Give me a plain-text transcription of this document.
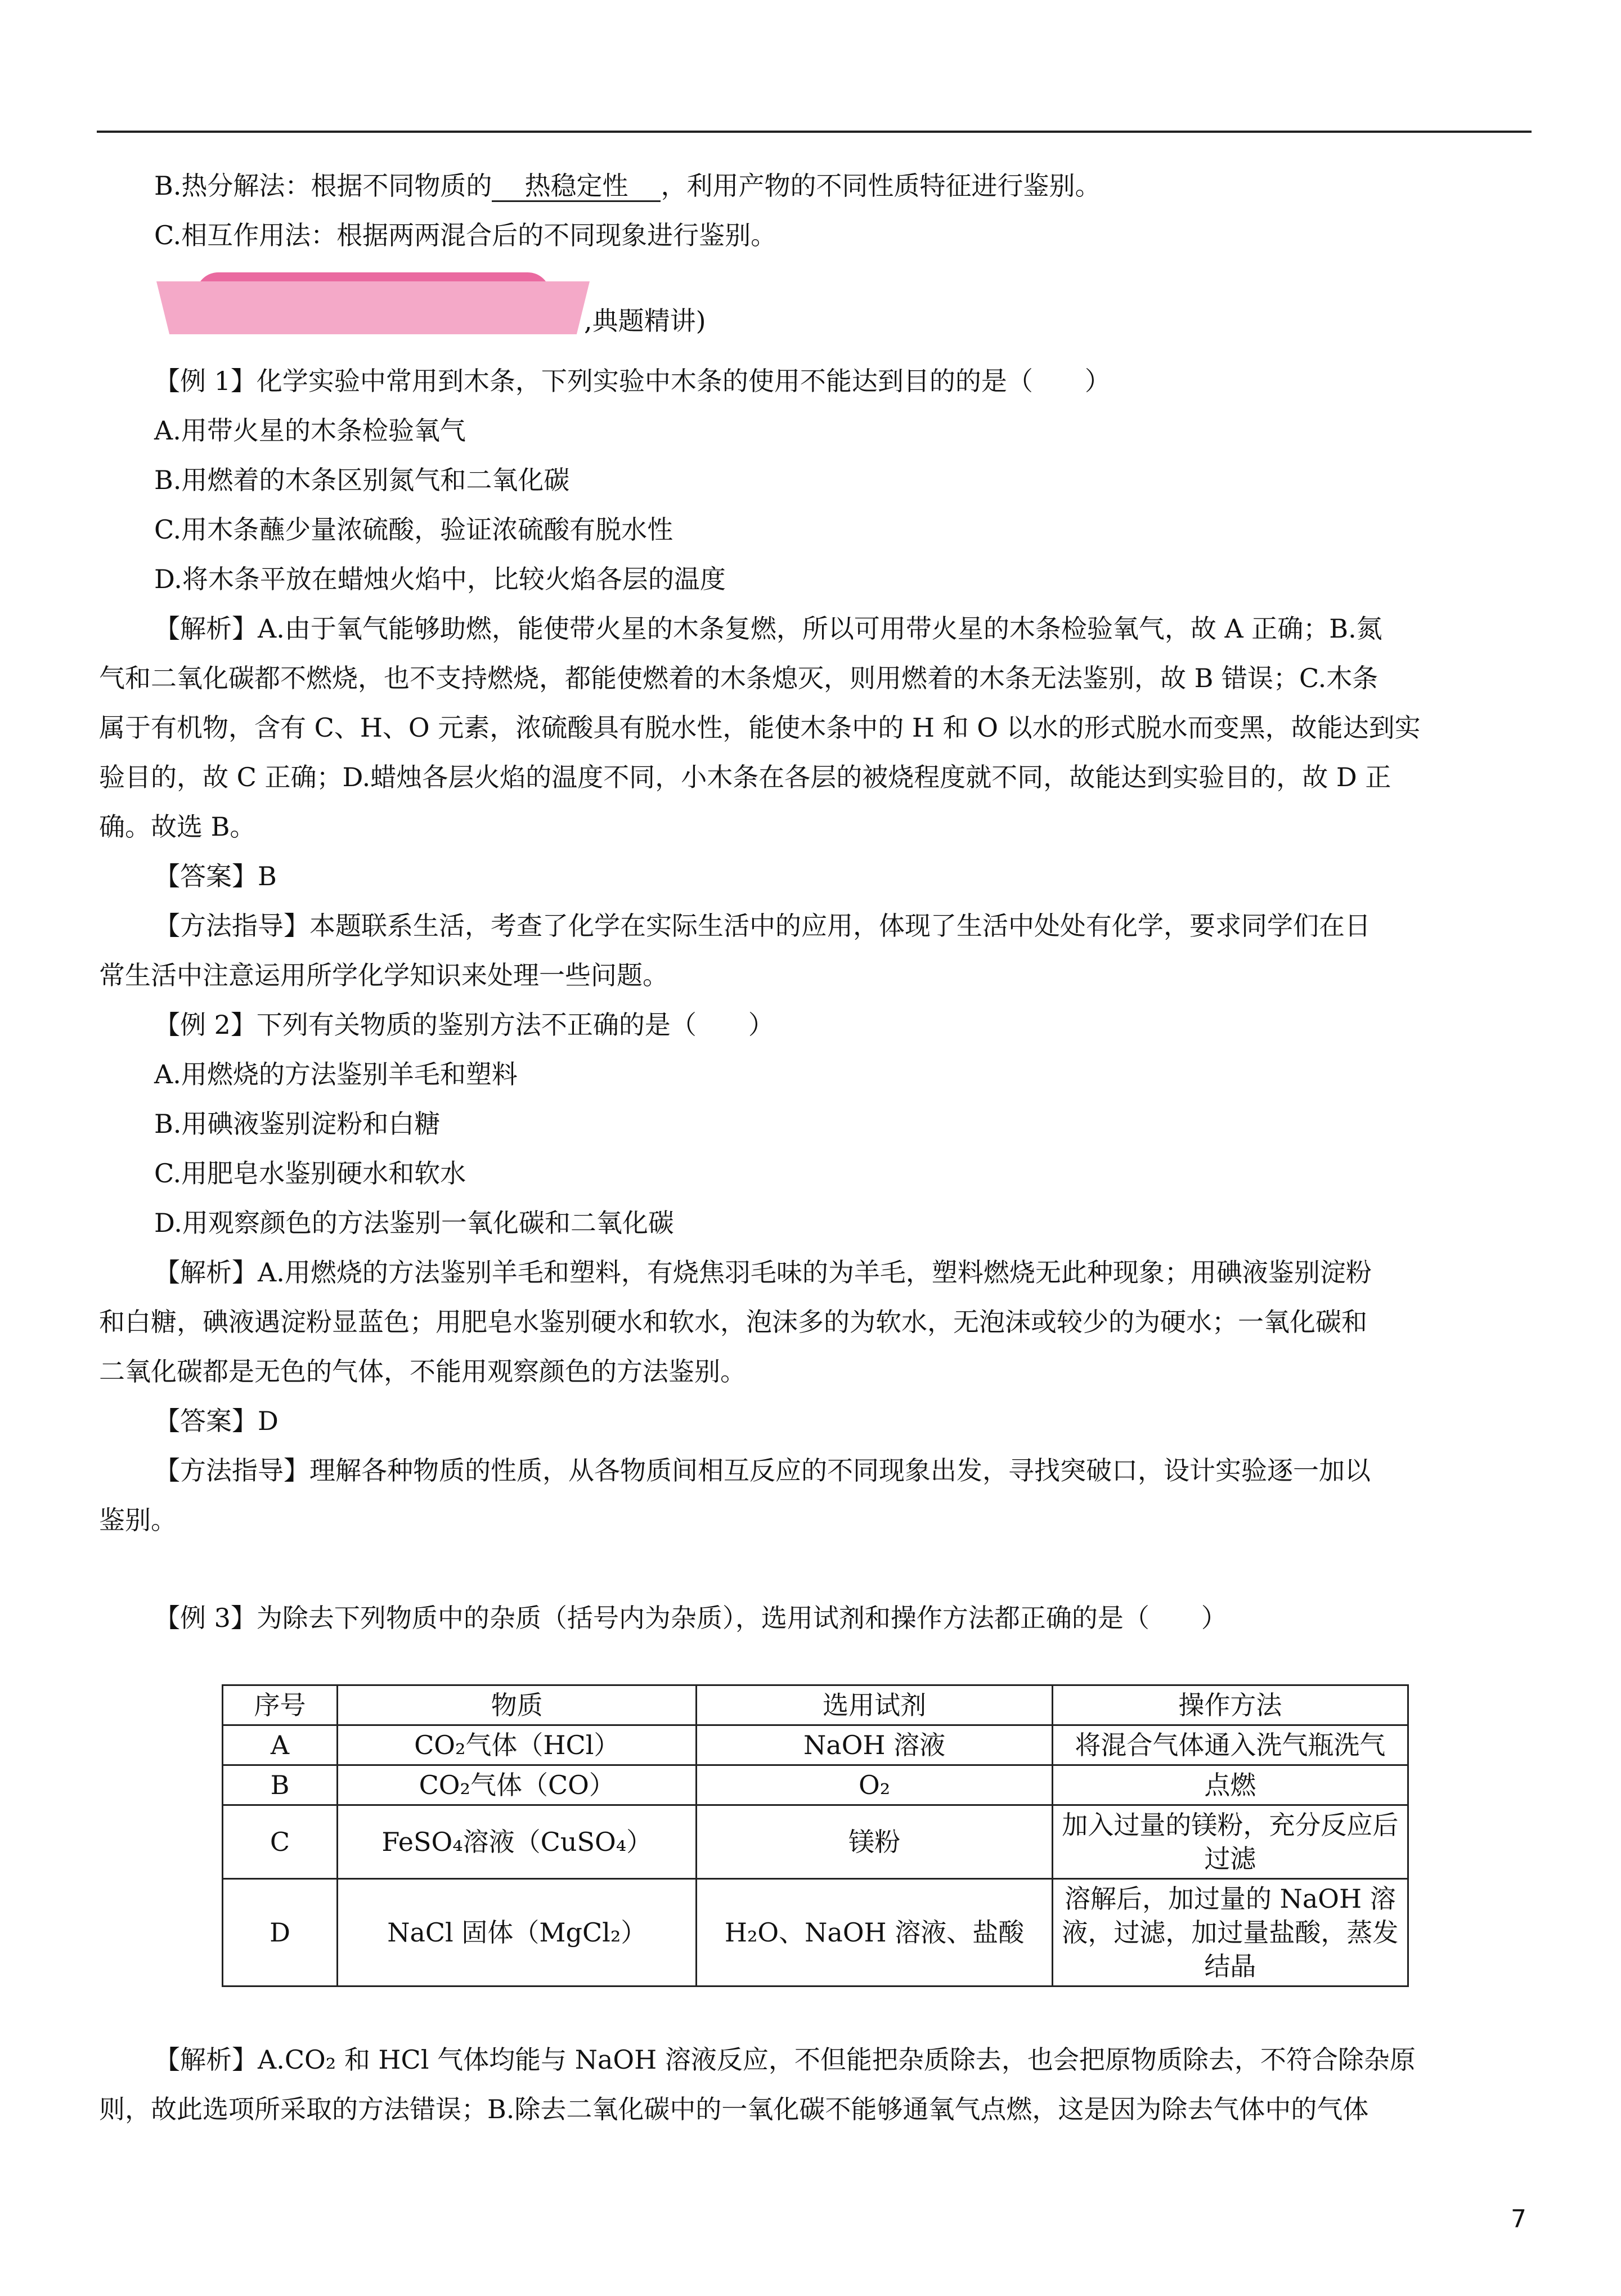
B.热分解法：根据不同物质的 热稳定性 ，利用产物的不同性质特征进行鉴别。
C.相互作用法：根据两两混合后的不同现象进行鉴别。
,典题精讲)
【例 1】化学实验中常用到木条，下列实验中木条的使用不能达到目的的是（　　）
A.用带火星的木条检验氧气
B.用燃着的木条区别氮气和二氧化碳
C.用木条蘸少量浓硫酸，验证浓硫酸有脱水性
D.将木条平放在蜡烛火焰中，比较火焰各层的温度
【解析】A.由于氧气能够助燃，能使带火星的木条复燃，所以可用带火星的木条检验氧气，故 A 正确；B.氮
气和二氧化碳都不燃烧，也不支持燃烧，都能使燃着的木条熄灭，则用燃着的木条无法鉴别，故 B 错误；C.木条
属于有机物，含有 C、H、O 元素，浓硫酸具有脱水性，能使木条中的 H 和 O 以水的形式脱水而变黑，故能达到实
验目的，故 C 正确；D.蜡烛各层火焰的温度不同，小木条在各层的被烧程度就不同，故能达到实验目的，故 D 正
确。故选 B。
【答案】B
【方法指导】本题联系生活，考查了化学在实际生活中的应用，体现了生活中处处有化学，要求同学们在日
常生活中注意运用所学化学知识来处理一些问题。
【例 2】下列有关物质的鉴别方法不正确的是（　　）
A.用燃烧的方法鉴别羊毛和塑料
B.用碘液鉴别淀粉和白糖
C.用肥皂水鉴别硬水和软水
D.用观察颜色的方法鉴别一氧化碳和二氧化碳
【解析】A.用燃烧的方法鉴别羊毛和塑料，有烧焦羽毛味的为羊毛，塑料燃烧无此种现象；用碘液鉴别淀粉
和白糖，碘液遇淀粉显蓝色；用肥皂水鉴别硬水和软水，泡沫多的为软水，无泡沫或较少的为硬水；一氧化碳和
二氧化碳都是无色的气体，不能用观察颜色的方法鉴别。
【答案】D
【方法指导】理解各种物质的性质，从各物质间相互反应的不同现象出发，寻找突破口，设计实验逐一加以
鉴别。
【例 3】为除去下列物质中的杂质（括号内为杂质），选用试剂和操作方法都正确的是（　　）
序号	物质	选用试剂	操作方法
A	CO₂气体（HCl）	NaOH 溶液	将混合气体通入洗气瓶洗气
B	CO₂气体（CO）	O₂	点燃
C	FeSO₄溶液（CuSO₄）	镁粉	加入过量的镁粉，充分反应后过滤
D	NaCl 固体（MgCl₂）	H₂O、NaOH 溶液、盐酸	溶解后，加过量的 NaOH 溶液，过滤，加过量盐酸，蒸发结晶
【解析】A.CO₂ 和 HCl 气体均能与 NaOH 溶液反应，不但能把杂质除去，也会把原物质除去，不符合除杂原
则，故此选项所采取的方法错误；B.除去二氧化碳中的一氧化碳不能够通氧气点燃，这是因为除去气体中的气体
7
